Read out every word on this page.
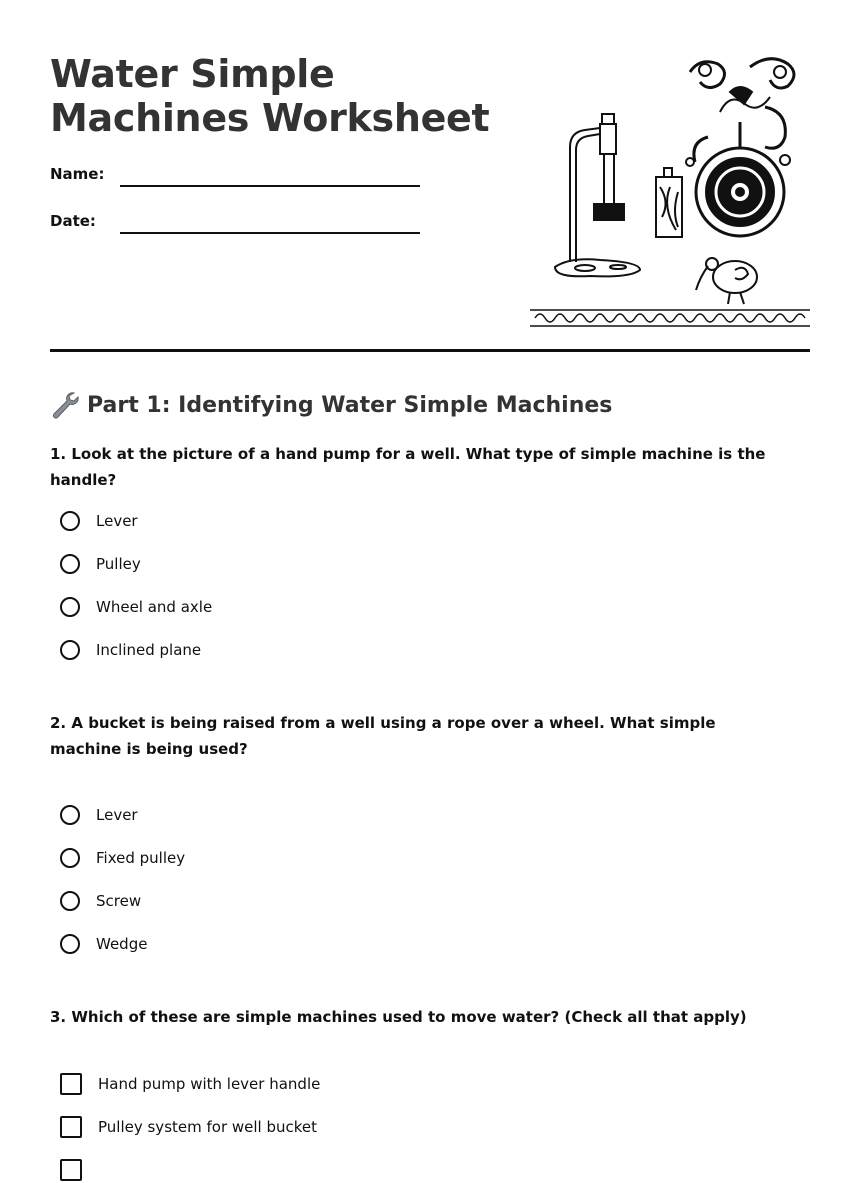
Water Simple Machines Worksheet
Name:
Date:
Part 1: Identifying Water Simple Machines

1. Look at the picture of a hand pump for a well. What type of simple machine is the handle?

Lever
Pulley
Wheel and axle
Inclined plane

2. A bucket is being raised from a well using a rope over a wheel. What simple machine is being used?

Lever
Fixed pulley
Screw
Wedge

3. Which of these are simple machines used to move water? (Check all that apply)

Hand pump with lever handle
Pulley system for well bucket
